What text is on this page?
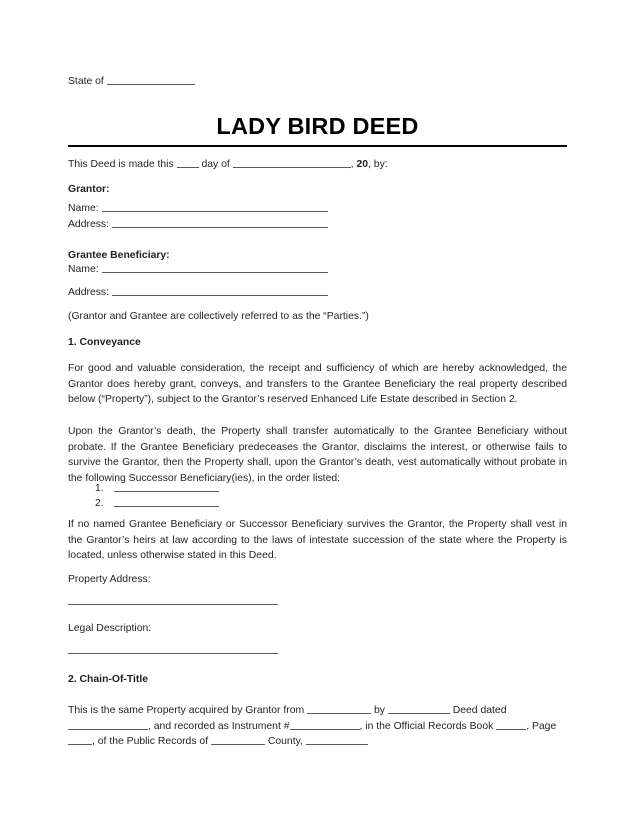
State of
LADY BIRD DEED
This Deed is made this	day of	, 20, by:
Grantor:
Name:
Address:
Grantee Beneficiary:
Name:
Address:
(Grantor and Grantee are collectively referred to as the “Parties.”)
1. Conveyance
For good and valuable consideration, the receipt and sufficiency of which are hereby acknowledged, the Grantor does hereby grant, conveys, and transfers to the Grantee Beneficiary the real property described below (“Property”), subject to the Grantor’s reserved Enhanced Life Estate described in Section 2.
Upon the Grantor’s death, the Property shall transfer automatically to the Grantee Beneficiary without probate. If the Grantee Beneficiary predeceases the Grantor, disclaims the interest, or otherwise fails to survive the Grantor, then the Property shall, upon the Grantor’s death, vest automatically without probate in the following Successor Beneficiary(ies), in the order listed:
1.
2.
If no named Grantee Beneficiary or Successor Beneficiary survives the Grantor, the Property shall vest in the Grantor’s heirs at law according to the laws of intestate succession of the state where the Property is located, unless otherwise stated in this Deed.
Property Address:
Legal Description:
2. Chain-Of-Title
This is the same Property acquired by Grantor from	by	Deed dated , and recorded as Instrument #	, in the Official Records Book	, Page , of the Public Records of	County,
